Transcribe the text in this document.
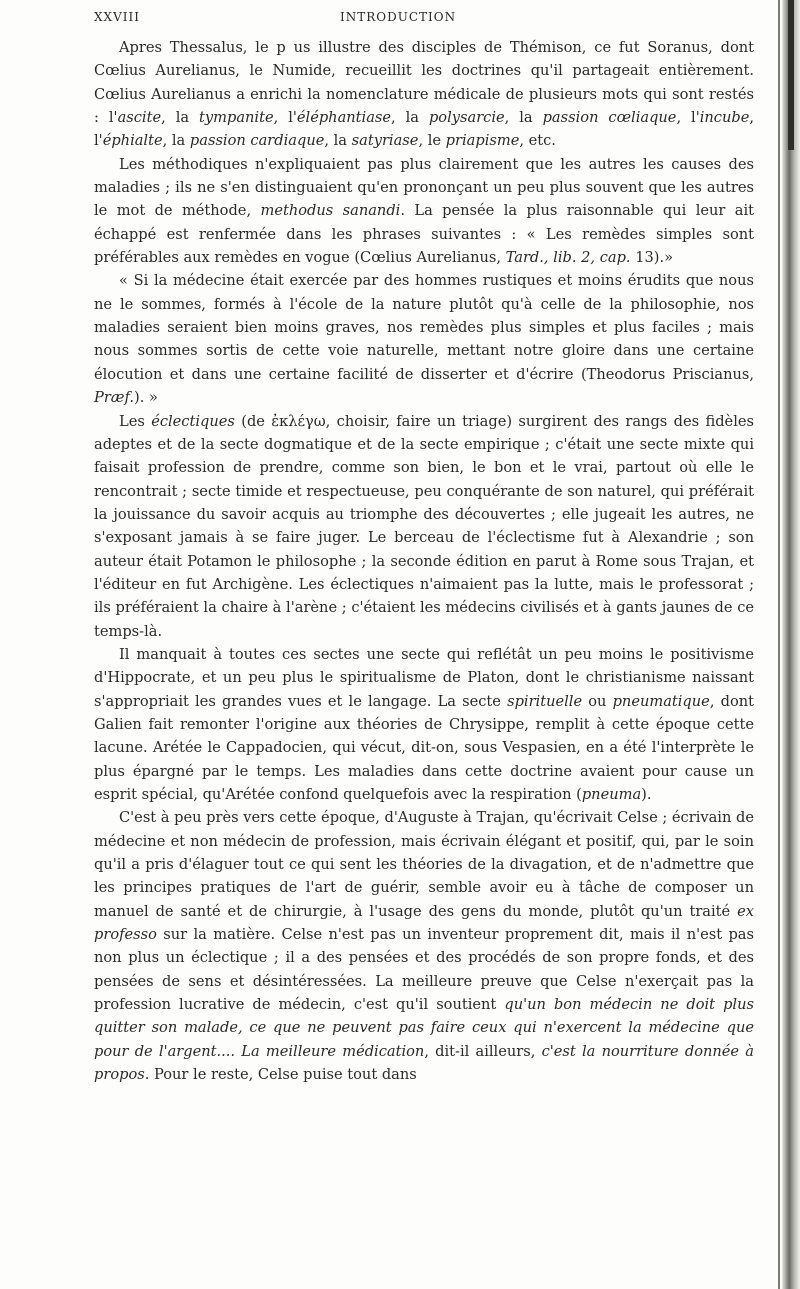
XXVIII	INTRODUCTION

Apres Thessalus, le p us illustre des disciples de Thémison, ce fut Soranus, dont Cœlius Aurelianus, le Numide, recueillit les doctrines qu'il partageait entièrement. Cœlius Aurelianus a enrichi la nomenclature médicale de plusieurs mots qui sont restés : l'ascite, la tympanite, l'éléphantiase, la polysarcie, la passion cœliaque, l'incube, l'éphialte, la passion cardiaque, la satyriase, le priapisme, etc.

Les méthodiques n'expliquaient pas plus clairement que les autres les causes des maladies ; ils ne s'en distinguaient qu'en prononçant un peu plus souvent que les autres le mot de méthode, methodus sanandi. La pensée la plus raisonnable qui leur ait échappé est renfermée dans les phrases suivantes : « Les remèdes simples sont préférables aux remèdes en vogue (Cœlius Aurelianus, Tard., lib. 2, cap. 13).»

« Si la médecine était exercée par des hommes rustiques et moins érudits que nous ne le sommes, formés à l'école de la nature plutôt qu'à celle de la philosophie, nos maladies seraient bien moins graves, nos remèdes plus simples et plus faciles ; mais nous sommes sortis de cette voie naturelle, mettant notre gloire dans une certaine élocution et dans une certaine facilité de disserter et d'écrire (Theodorus Priscianus, Præf.). »

Les éclectiques (de ἐκλέγω, choisir, faire un triage) surgirent des rangs des fidèles adeptes et de la secte dogmatique et de la secte empirique ; c'était une secte mixte qui faisait profession de prendre, comme son bien, le bon et le vrai, partout où elle le rencontrait ; secte timide et respectueuse, peu conquérante de son naturel, qui préférait la jouissance du savoir acquis au triomphe des découvertes ; elle jugeait les autres, ne s'exposant jamais à se faire juger. Le berceau de l'éclectisme fut à Alexandrie ; son auteur était Potamon le philosophe ; la seconde édition en parut à Rome sous Trajan, et l'éditeur en fut Archigène. Les éclectiques n'aimaient pas la lutte, mais le professorat ; ils préféraient la chaire à l'arène ; c'étaient les médecins civilisés et à gants jaunes de ce temps-là.

Il manquait à toutes ces sectes une secte qui reflétât un peu moins le positivisme d'Hippocrate, et un peu plus le spiritualisme de Platon, dont le christianisme naissant s'appropriait les grandes vues et le langage. La secte spirituelle ou pneumatique, dont Galien fait remonter l'origine aux théories de Chrysippe, remplit à cette époque cette lacune. Arétée le Cappadocien, qui vécut, dit-on, sous Vespasien, en a été l'interprète le plus épargné par le temps. Les maladies dans cette doctrine avaient pour cause un esprit spécial, qu'Arétée confond quelquefois avec la respiration (pneuma).

C'est à peu près vers cette époque, d'Auguste à Trajan, qu'écrivait Celse ; écrivain de médecine et non médecin de profession, mais écrivain élégant et positif, qui, par le soin qu'il a pris d'élaguer tout ce qui sent les théories de la divagation, et de n'admettre que les principes pratiques de l'art de guérir, semble avoir eu à tâche de composer un manuel de santé et de chirurgie, à l'usage des gens du monde, plutôt qu'un traité ex professo sur la matière. Celse n'est pas un inventeur proprement dit, mais il n'est pas non plus un éclectique ; il a des pensées et des procédés de son propre fonds, et des pensées de sens et désintéressées. La meilleure preuve que Celse n'exerçait pas la profession lucrative de médecin, c'est qu'il soutient qu'un bon médecin ne doit plus quitter son malade, ce que ne peuvent pas faire ceux qui n'exercent la médecine que pour de l'argent.... La meilleure médication, dit-il ailleurs, c'est la nourriture donnée à propos. Pour le reste, Celse puise tout dans
